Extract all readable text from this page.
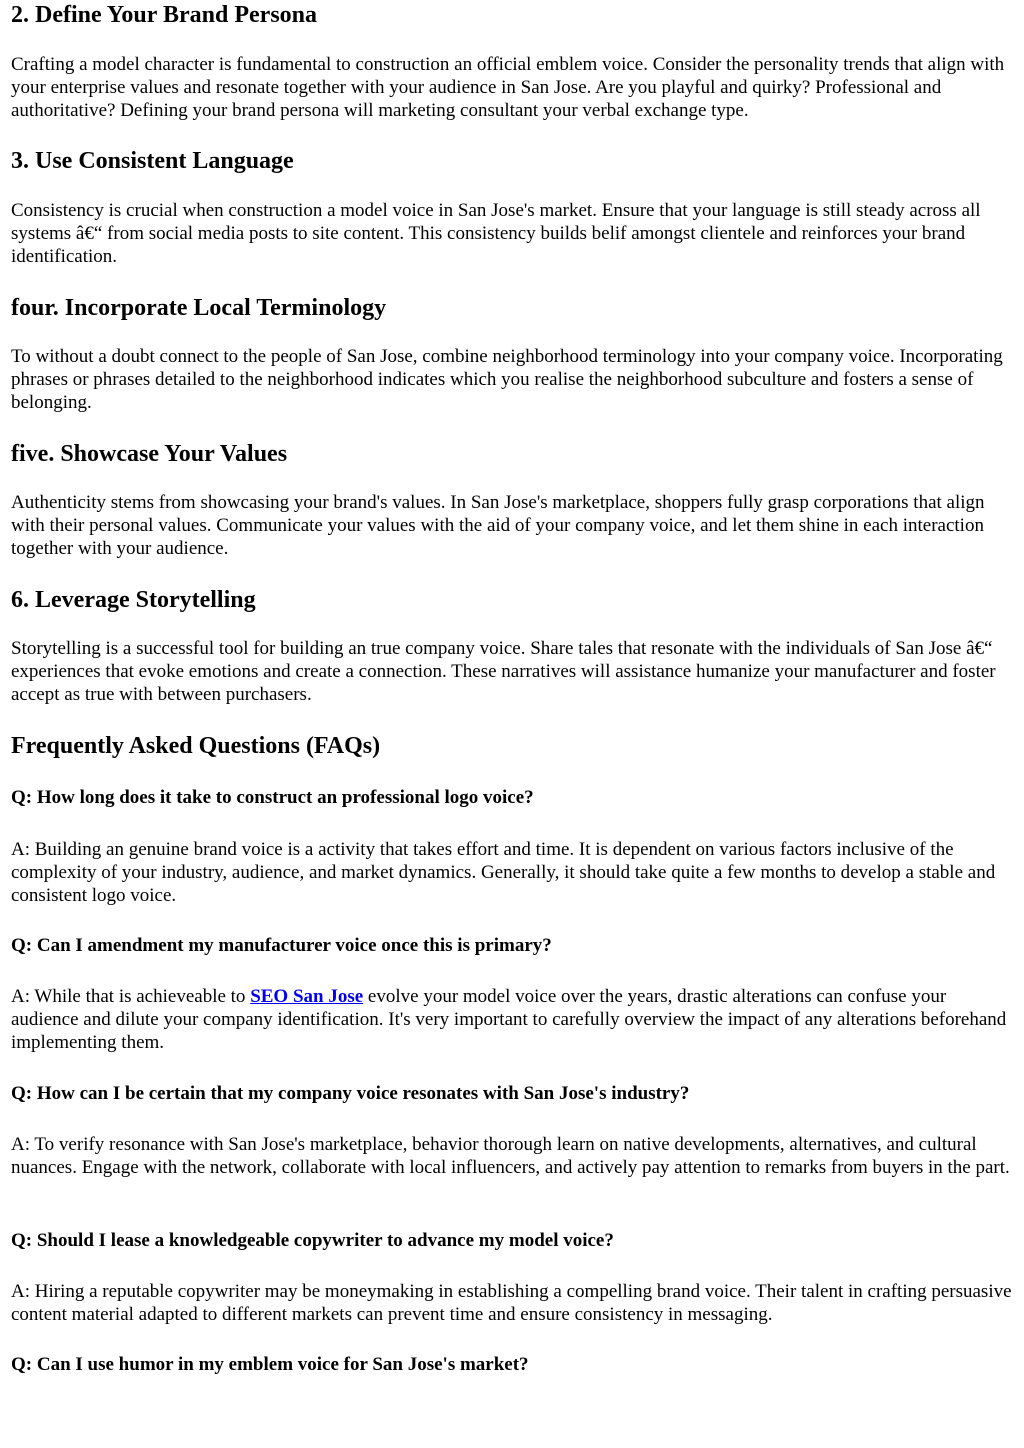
2. Define Your Brand Persona

Crafting a model character is fundamental to construction an official emblem voice. Consider the personality trends that align with your enterprise values and resonate together with your audience in San Jose. Are you playful and quirky? Professional and authoritative? Defining your brand persona will marketing consultant your verbal exchange type.

3. Use Consistent Language

Consistency is crucial when construction a model voice in San Jose's market. Ensure that your language is still steady across all systems â€“ from social media posts to site content. This consistency builds belif amongst clientele and reinforces your brand identification.

four. Incorporate Local Terminology

To without a doubt connect to the people of San Jose, combine neighborhood terminology into your company voice. Incorporating phrases or phrases detailed to the neighborhood indicates which you realise the neighborhood subculture and fosters a sense of belonging.

five. Showcase Your Values

Authenticity stems from showcasing your brand's values. In San Jose's marketplace, shoppers fully grasp corporations that align with their personal values. Communicate your values with the aid of your company voice, and let them shine in each interaction together with your audience.

6. Leverage Storytelling

Storytelling is a successful tool for building an true company voice. Share tales that resonate with the individuals of San Jose â€“ experiences that evoke emotions and create a connection. These narratives will assistance humanize your manufacturer and foster accept as true with between purchasers.

Frequently Asked Questions (FAQs)
Q: How long does it take to construct an professional logo voice?

A: Building an genuine brand voice is a activity that takes effort and time. It is dependent on various factors inclusive of the complexity of your industry, audience, and market dynamics. Generally, it should take quite a few months to develop a stable and consistent logo voice.

Q: Can I amendment my manufacturer voice once this is primary?

A: While that is achieveable to SEO San Jose evolve your model voice over the years, drastic alterations can confuse your audience and dilute your company identification. It's very important to carefully overview the impact of any alterations beforehand implementing them.

Q: How can I be certain that my company voice resonates with San Jose's industry?

A: To verify resonance with San Jose's marketplace, behavior thorough learn on native developments, alternatives, and cultural nuances. Engage with the network, collaborate with local influencers, and actively pay attention to remarks from buyers in the part.

Q: Should I lease a knowledgeable copywriter to advance my model voice?

A: Hiring a reputable copywriter may be moneymaking in establishing a compelling brand voice. Their talent in crafting persuasive content material adapted to different markets can prevent time and ensure consistency in messaging.

Q: Can I use humor in my emblem voice for San Jose's market?
